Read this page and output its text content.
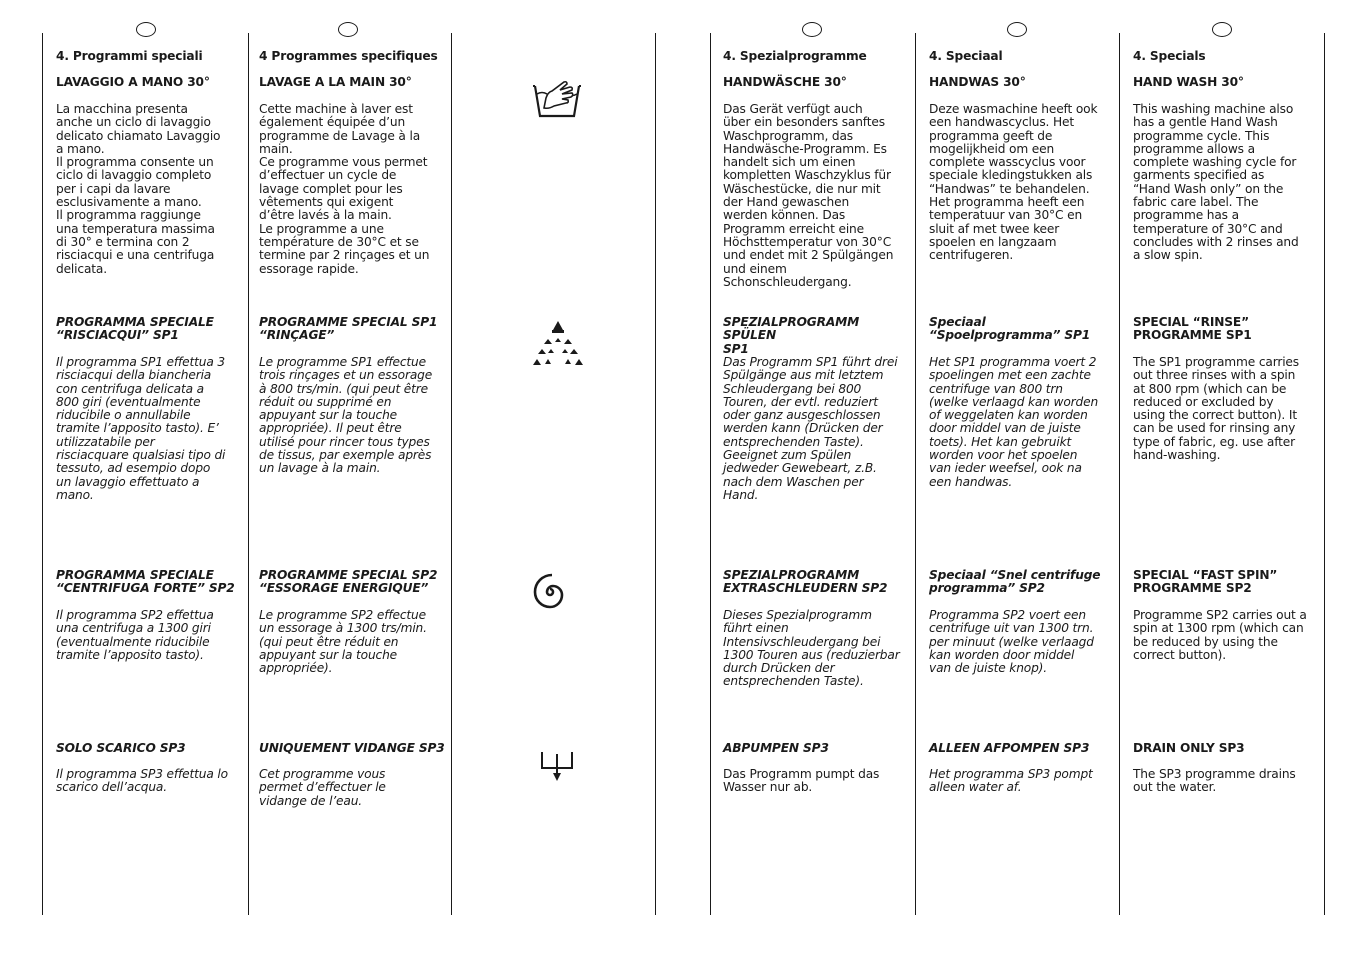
4. Programmi speciali
LAVAGGIO A MANO 30°
La macchina presenta
anche un ciclo di lavaggio
delicato chiamato Lavaggio
a mano.
Il programma consente un
ciclo di lavaggio completo
per i capi da lavare
esclusivamente a mano.
Il programma raggiunge
una temperatura massima
di 30° e termina con 2
risciacqui e una centrifuga
delicata.
PROGRAMMA SPECIALE
“RISCIACQUI” SP1
Il programma SP1 effettua 3
risciacqui della biancheria
con centrifuga delicata a
800 giri (eventualmente
riducibile o annullabile
tramite l’apposito tasto). E’
utilizzatabile per
risciacquare qualsiasi tipo di
tessuto, ad esempio dopo
un lavaggio effettuato a
mano.
PROGRAMMA SPECIALE
“CENTRIFUGA FORTE” SP2
Il programma SP2 effettua
una centrifuga a 1300 giri
(eventualmente riducibile
tramite l’apposito tasto).
SOLO SCARICO SP3
Il programma SP3 effettua lo
scarico dell’acqua.
4 Programmes specifiques
LAVAGE A LA MAIN 30°
Cette machine à laver est
également équipée d’un
programme de Lavage à la
main.
Ce programme vous permet
d’effectuer un cycle de
lavage complet pour les
vêtements qui exigent
d’être lavés à la main.
Le programme a une
température de 30°C et se
termine par 2 rinçages et un
essorage rapide.
PROGRAMME SPECIAL SP1
“RINÇAGE”
Le programme SP1 effectue
trois rinçages et un essorage
à 800 trs/min. (qui peut être
réduit ou supprimé en
appuyant sur la touche
appropriée). Il peut être
utilisé pour rincer tous types
de tissus, par exemple après
un lavage à la main.
PROGRAMME SPECIAL SP2
“ESSORAGE ENERGIQUE”
Le programme SP2 effectue
un essorage à 1300 trs/min.
(qui peut être réduit en
appuyant sur la touche
appropriée).
UNIQUEMENT VIDANGE SP3
Cet programme vous
permet d’effectuer le
vidange de l’eau.
4. Spezialprogramme
HANDWÄSCHE 30°
Das Gerät verfügt auch
über ein besonders sanftes
Waschprogramm, das
Handwäsche-Programm. Es
handelt sich um einen
kompletten Waschzyklus für
Wäschestücke, die nur mit
der Hand gewaschen
werden können. Das
Programm erreicht eine
Höchsttemperatur von 30°C
und endet mit 2 Spülgängen
und einem
Schonschleudergang.
SPEZIALPROGRAMM SPÜLEN
SP1
Das Programm SP1 führt drei
Spülgänge aus mit letztem
Schleudergang bei 800
Touren, der evtl. reduziert
oder ganz ausgeschlossen
werden kann (Drücken der
entsprechenden Taste).
Geeignet zum Spülen
jedweder Gewebeart, z.B.
nach dem Waschen per
Hand.
SPEZIALPROGRAMM
EXTRASCHLEUDERN SP2
Dieses Spezialprogramm
führt einen
Intensivschleudergang bei
1300 Touren aus (reduzierbar
durch Drücken der
entsprechenden Taste).
ABPUMPEN SP3
Das Programm pumpt das
Wasser nur ab.
4. Speciaal
HANDWAS 30°
Deze wasmachine heeft ook
een handwascyclus. Het
programma geeft de
mogelijkheid om een
complete wasscyclus voor
speciale kledingstukken als
“Handwas” te behandelen.
Het programma heeft een
temperatuur van 30°C en
sluit af met twee keer
spoelen en langzaam
centrifugeren.
Speciaal
“Spoelprogramma” SP1
Het SP1 programma voert 2
spoelingen met een zachte
centrifuge van 800 trn
(welke verlaagd kan worden
of weggelaten kan worden
door middel van de juiste
toets). Het kan gebruikt
worden voor het spoelen
van ieder weefsel, ook na
een handwas.
Speciaal “Snel centrifuge
programma” SP2
Programma SP2 voert een
centrifuge uit van 1300 trn.
per minuut (welke verlaagd
kan worden door middel
van de juiste knop).
ALLEEN AFPOMPEN SP3
Het programma SP3 pompt
alleen water af.
4. Specials
HAND WASH 30°
This washing machine also
has a gentle Hand Wash
programme cycle. This
programme allows a
complete washing cycle for
garments specified as
“Hand Wash only” on the
fabric care label. The
programme has a
temperature of 30°C and
concludes with 2 rinses and
a slow spin.
SPECIAL “RINSE”
PROGRAMME SP1
The SP1 programme carries
out three rinses with a spin
at 800 rpm (which can be
reduced or excluded by
using the correct button). It
can be used for rinsing any
type of fabric, eg. use after
hand-washing.
SPECIAL “FAST SPIN”
PROGRAMME SP2
Programme SP2 carries out a
spin at 1300 rpm (which can
be reduced by using the
correct button).
DRAIN ONLY SP3
The SP3 programme drains
out the water.
